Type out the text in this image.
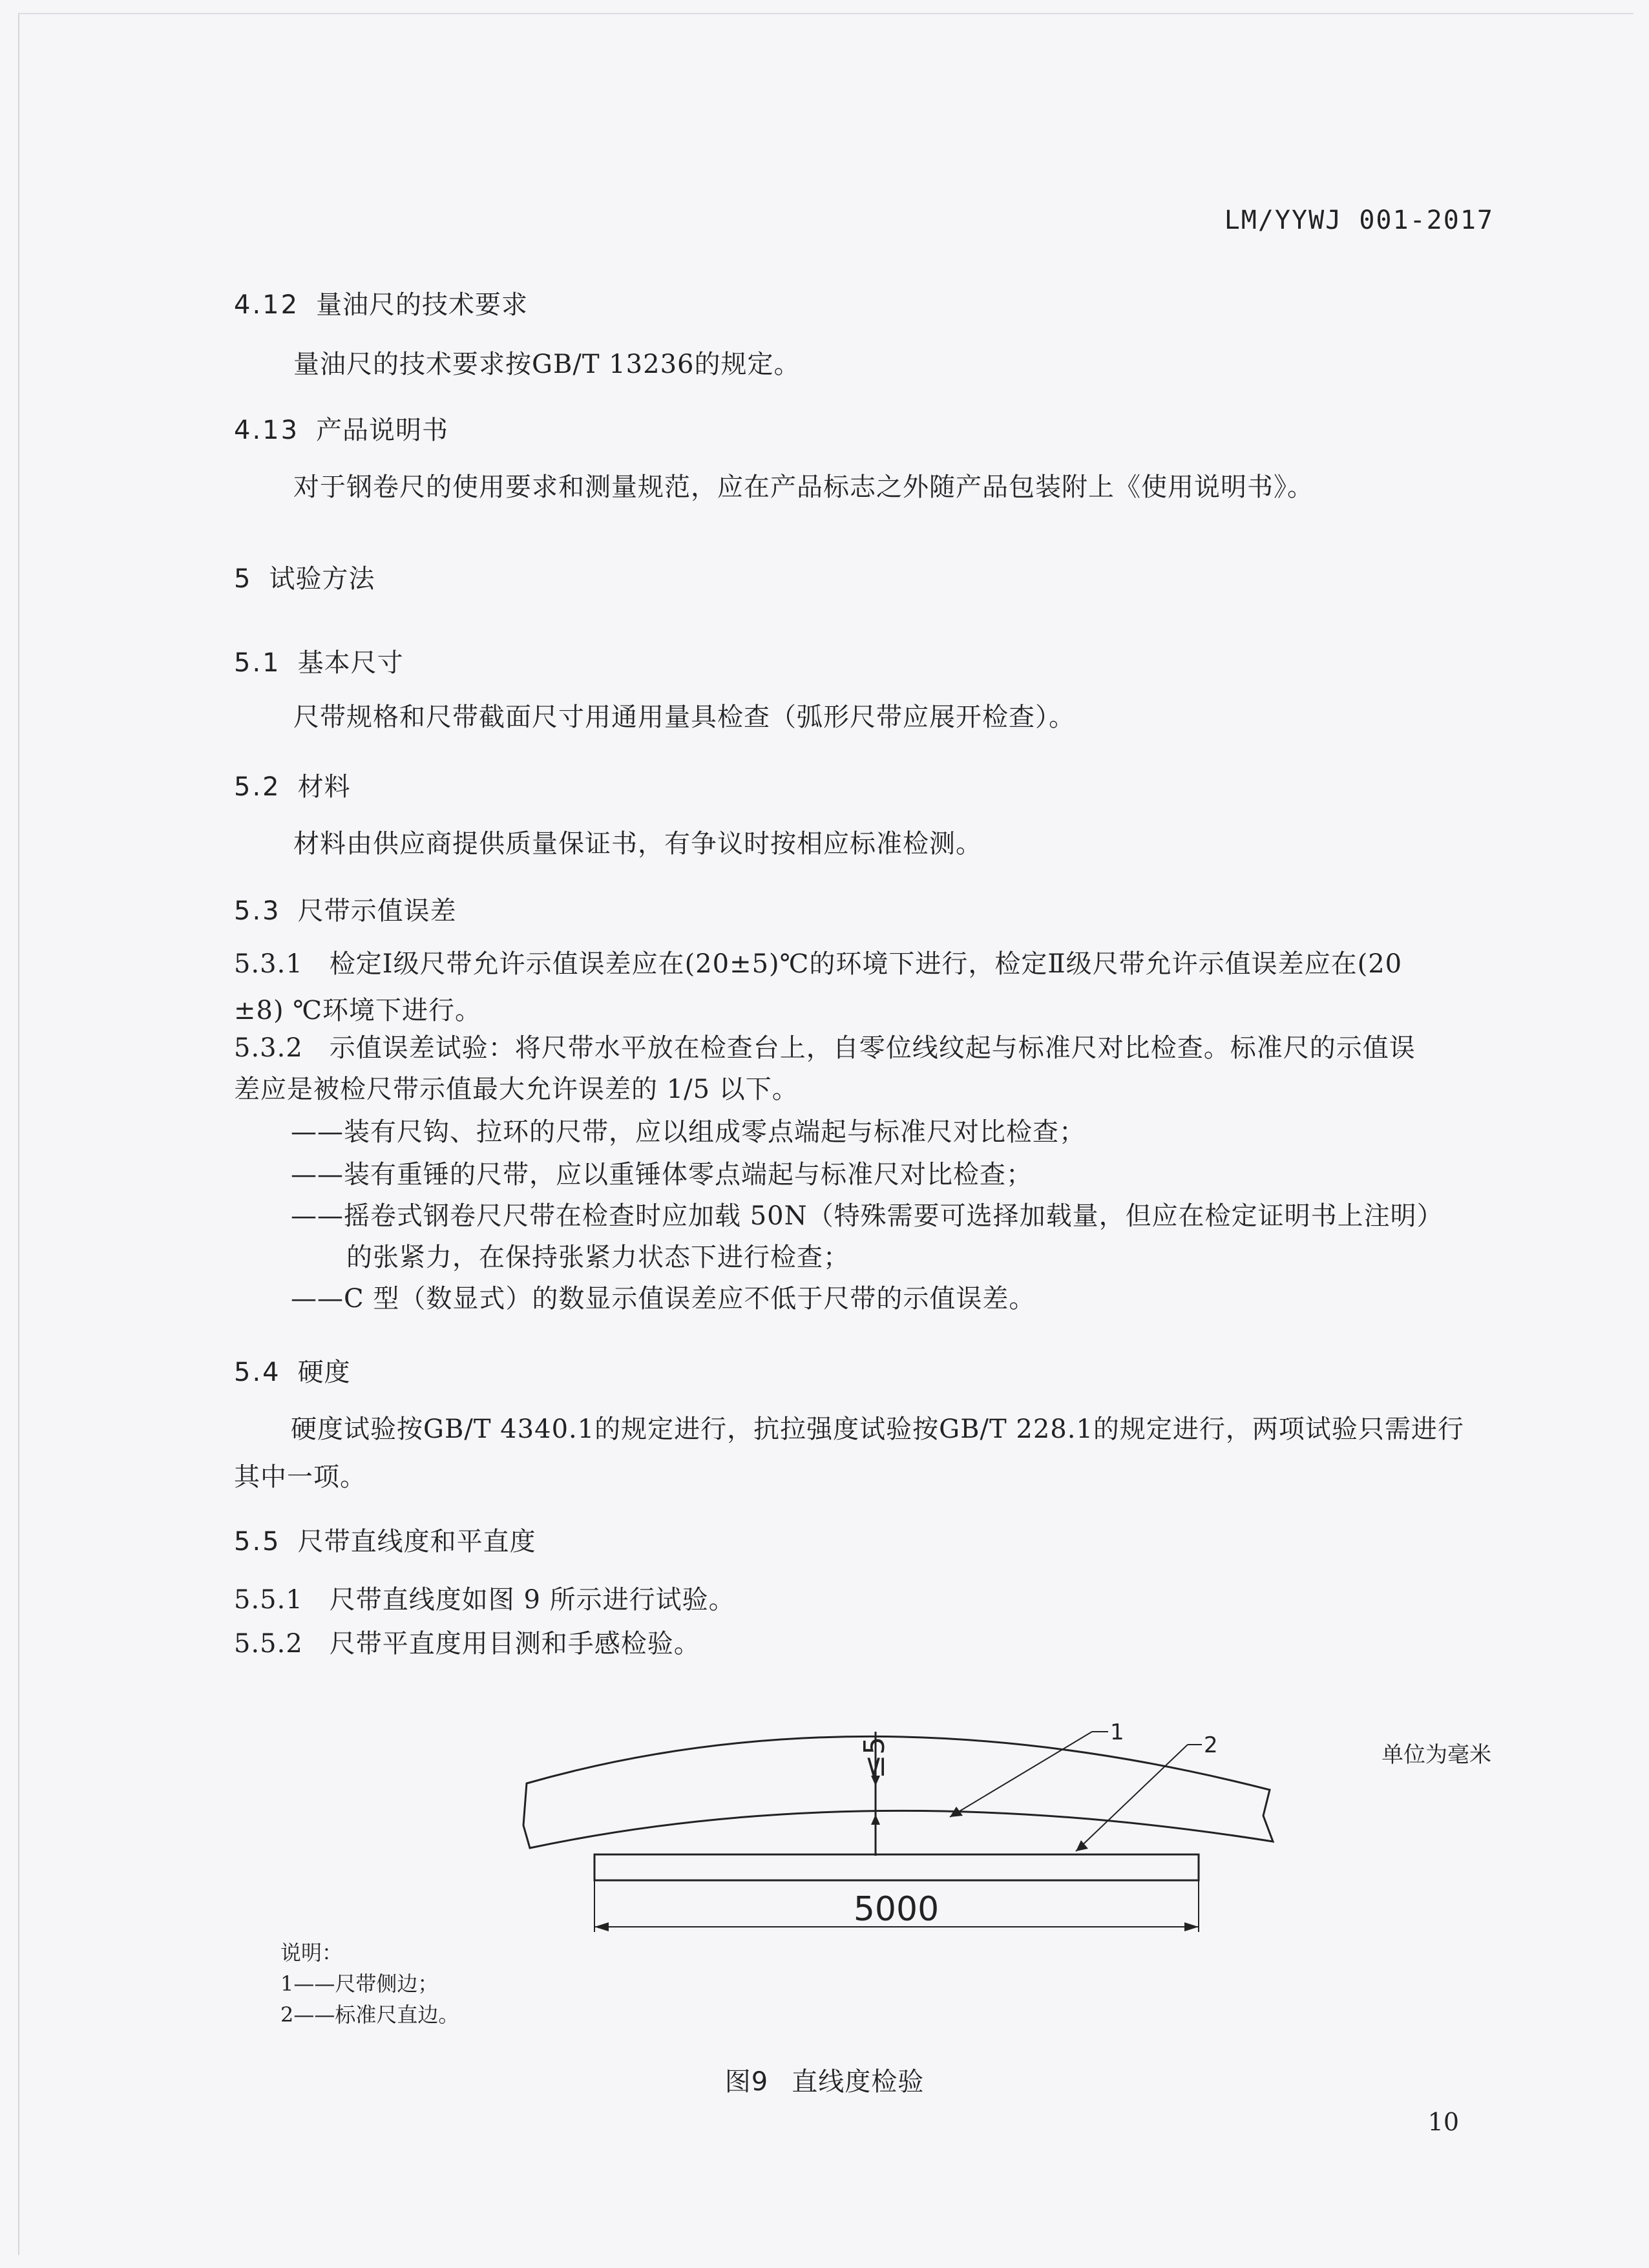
LM/YYWJ 001-2017
4.12 量油尺的技术要求
量油尺的技术要求按GB/T 13236的规定。
4.13 产品说明书
对于钢卷尺的使用要求和测量规范，应在产品标志之外随产品包装附上《使用说明书》。
5 试验方法
5.1 基本尺寸
尺带规格和尺带截面尺寸用通用量具检查（弧形尺带应展开检查）。
5.2 材料
材料由供应商提供质量保证书，有争议时按相应标准检测。
5.3 尺带示值误差
5.3.1　检定Ⅰ级尺带允许示值误差应在(20±5)℃的环境下进行，检定Ⅱ级尺带允许示值误差应在(20
±8) ℃环境下进行。
5.3.2　示值误差试验：将尺带水平放在检查台上，自零位线纹起与标准尺对比检查。标准尺的示值误
差应是被检尺带示值最大允许误差的 1/5 以下。
——装有尺钩、拉环的尺带，应以组成零点端起与标准尺对比检查；
——装有重锤的尺带，应以重锤体零点端起与标准尺对比检查；
——摇卷式钢卷尺尺带在检查时应加载 50N（特殊需要可选择加载量，但应在检定证明书上注明）
的张紧力，在保持张紧力状态下进行检查；
——C 型（数显式）的数显示值误差应不低于尺带的示值误差。
5.4 硬度
硬度试验按GB/T 4340.1的规定进行，抗拉强度试验按GB/T 228.1的规定进行，两项试验只需进行
其中一项。
5.5 尺带直线度和平直度
5.5.1　尺带直线度如图 9 所示进行试验。
5.5.2　尺带平直度用目测和手感检验。
单位为毫米
≤5
5000
1	2
说明：
1——尺带侧边；
2——标准尺直边。
图9 直线度检验
10
